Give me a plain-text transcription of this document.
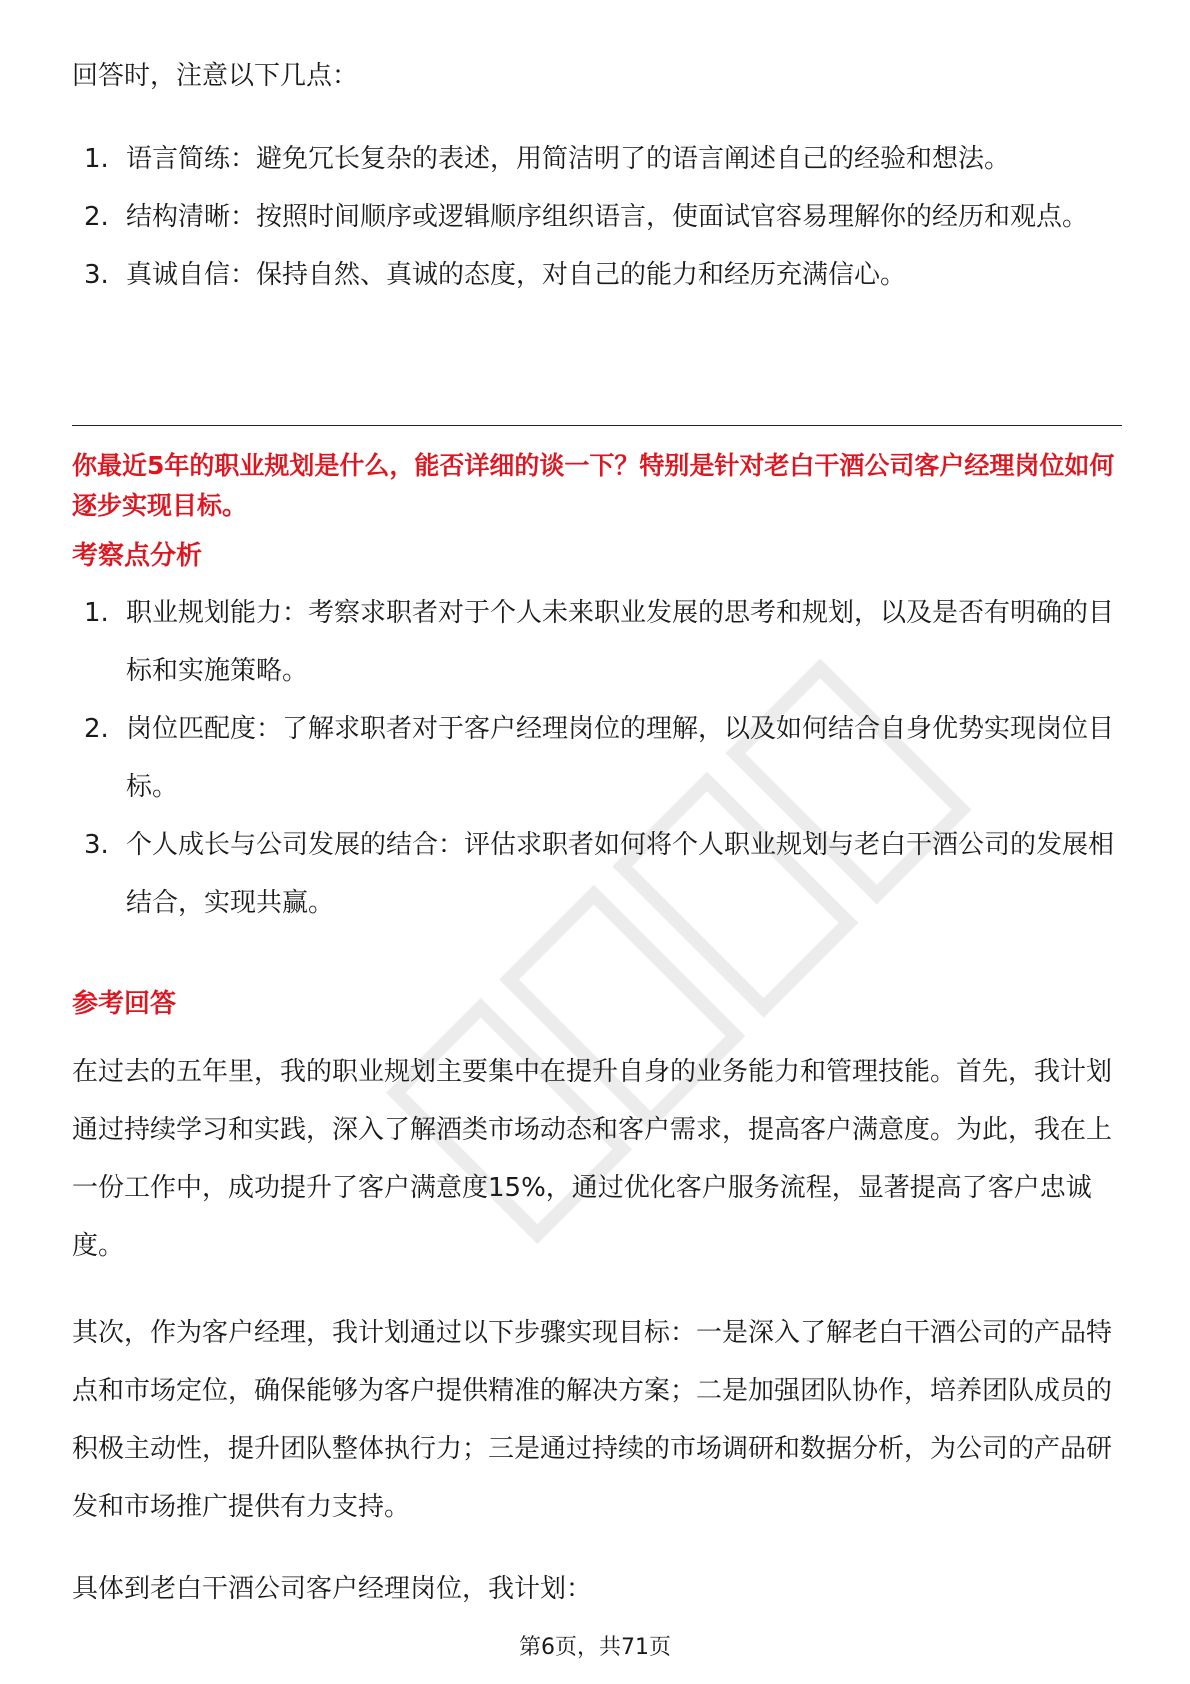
回答时，注意以下几点：
1. 语言简练：避免冗长复杂的表述，用简洁明了的语言阐述自己的经验和想法。
2. 结构清晰：按照时间顺序或逻辑顺序组织语言，使面试官容易理解你的经历和观点。
3. 真诚自信：保持自然、真诚的态度，对自己的能力和经历充满信心。
你最近5年的职业规划是什么，能否详细的谈一下？特别是针对老白干酒公司客户经理岗位如何逐步实现目标。
考察点分析
1. 职业规划能力：考察求职者对于个人未来职业发展的思考和规划，以及是否有明确的目标和实施策略。
2. 岗位匹配度：了解求职者对于客户经理岗位的理解，以及如何结合自身优势实现岗位目标。
3. 个人成长与公司发展的结合：评估求职者如何将个人职业规划与老白干酒公司的发展相结合，实现共赢。
参考回答
在过去的五年里，我的职业规划主要集中在提升自身的业务能力和管理技能。首先，我计划通过持续学习和实践，深入了解酒类市场动态和客户需求，提高客户满意度。为此，我在上一份工作中，成功提升了客户满意度15%，通过优化客户服务流程，显著提高了客户忠诚度。
其次，作为客户经理，我计划通过以下步骤实现目标：一是深入了解老白干酒公司的产品特点和市场定位，确保能够为客户提供精准的解决方案；二是加强团队协作，培养团队成员的积极主动性，提升团队整体执行力；三是通过持续的市场调研和数据分析，为公司的产品研发和市场推广提供有力支持。
具体到老白干酒公司客户经理岗位，我计划：
第6页，共71页
